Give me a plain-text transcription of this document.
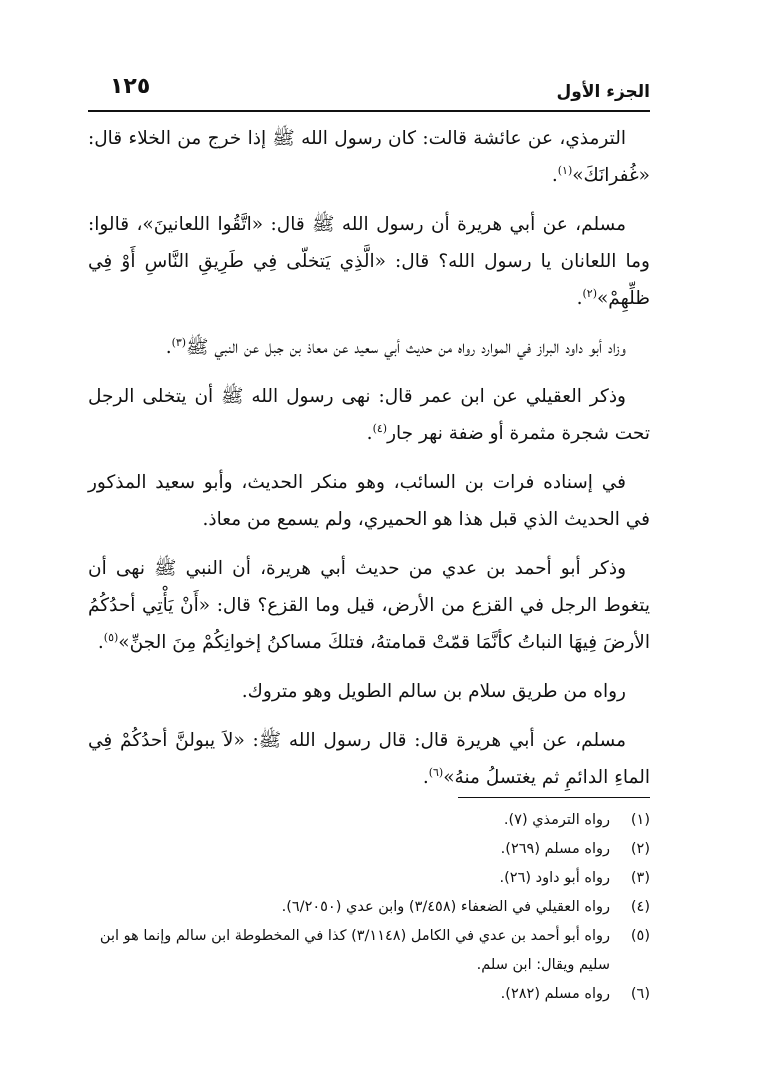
الجزء الأول
١٢٥

الترمذي، عن عائشة قالت: كان رسول الله ﷺ إذا خرج من الخلاء قال: «غُفرانَكَ»$^{(١)}$.

مسلم، عن أبي هريرة أن رسول الله ﷺ قال: «اتَّقُوا اللعانينَ»، قالوا: وما اللعانان يا رسول الله؟ قال: «الَّذِي يَتخلّى فِي طَرِيقِ النَّاسِ أَوْ فِي ظلِّهِمْ»$^{(٢)}$.

وزاد أبو داود البراز في الموارد رواه من حديث أبي سعيد عن معاذ بن جبل عن النبي ﷺ$^{(٣)}$.

وذكر العقيلي عن ابن عمر قال: نهى رسول الله ﷺ أن يتخلى الرجل تحت شجرة مثمرة أو ضفة نهر جار$^{(٤)}$.

في إسناده فرات بن السائب، وهو منكر الحديث، وأبو سعيد المذكور في الحديث الذي قبل هذا هو الحميري، ولم يسمع من معاذ.

وذكر أبو أحمد بن عدي من حديث أبي هريرة، أن النبي ﷺ نهى أن يتغوط الرجل في القزع من الأرض، قيل وما القزع؟ قال: «أَنْ يَأْتِي أحدُكُمُ الأرضَ فِيهَا النباتُ كأنَّمَا قمّتْ قمامتهُ، فتلكَ مساكنُ إخوانِكُمْ مِنَ الجنِّ»$^{(٥)}$.

رواه من طريق سلام بن سالم الطويل وهو متروك.

مسلم، عن أبي هريرة قال: قال رسول الله ﷺ: «لاَ يبولنَّ أحدُكُمْ فِي الماءِ الدائمِ ثم يغتسلُ منهُ»$^{(٦)}$.

(١)
رواه الترمذي (٧).
(٢)
رواه مسلم (٢٦٩).
(٣)
رواه أبو داود (٢٦).
(٤)
رواه العقيلي في الضعفاء (٣/٤٥٨) وابن عدي (٦/٢٠٥٠).
(٥)
رواه أبو أحمد بن عدي في الكامل (٣/١١٤٨) كذا في المخطوطة ابن سالم وإنما هو ابن سليم ويقال: ابن سلم.
(٦)
رواه مسلم (٢٨٢).
